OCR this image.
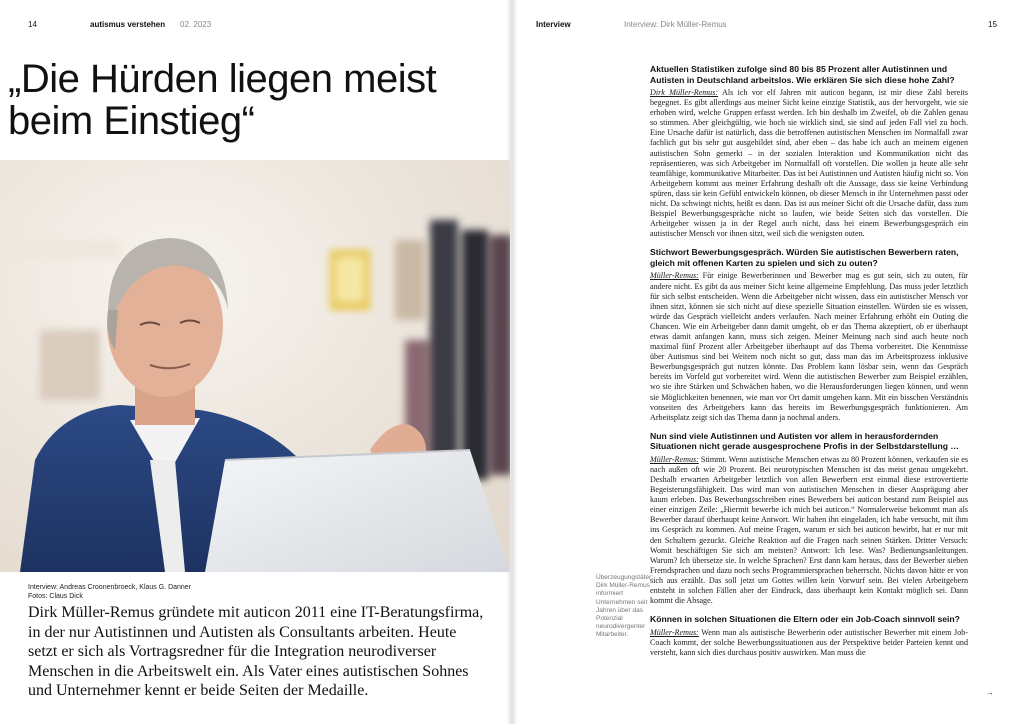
14	autismus verstehen 02. 2023
„Die Hürden liegen meist beim Einstieg“
Interview: Andreas Croonenbroeck, Klaus G. Danner
Fotos: Claus Dick
Dirk Müller-Remus gründete mit auticon 2011 eine IT-Beratungsfirma, in der nur Autistinnen und Autisten als Consultants arbeiten. Heute setzt er sich als Vortragsredner für die Integration neurodiverser Menschen in die Arbeitswelt ein. Als Vater eines autistischen Sohnes und Unternehmer kennt er beide Seiten der Medaille.
Interview	Interview: Dirk Müller-Remus	15
Überzeugungstäter: Dirk Müller-Remus informiert Unternehmen seit Jahren über das Potenzial neurodivergenter Mitarbeiter.

Aktuellen Statistiken zufolge sind 80 bis 85 Prozent aller Autistinnen und Autisten in Deutschland arbeitslos. Wie erklären Sie sich diese hohe Zahl?

Dirk Müller-Remus: Als ich vor elf Jahren mit auticon begann, ist mir diese Zahl bereits begegnet. Es gibt allerdings aus meiner Sicht keine einzige Statistik, aus der hervorgeht, wie sie erhoben wird, welche Gruppen erfasst werden. Ich bin deshalb im Zweifel, ob die Zahlen genau so stimmen. Aber gleichgültig, wie hoch sie wirklich sind, sie sind auf jeden Fall viel zu hoch. Eine Ursache dafür ist natürlich, dass die betroffenen autistischen Menschen im Normalfall zwar fachlich gut bis sehr gut ausgebildet sind, aber eben – das habe ich auch an meinem eigenen autistischen Sohn gemerkt – in der sozialen Interaktion und Kommunikation nicht das repräsentieren, was sich Arbeitgeber im Normalfall oft vorstellen. Die wollen ja heute alle sehr teamfähige, kommunikative Mitarbeiter. Das ist bei Autistinnen und Autisten häufig nicht so. Von Arbeitgebern kommt aus meiner Erfahrung deshalb oft die Aussage, dass sie keine Verbindung spüren, dass sie kein Gefühl entwickeln können, ob dieser Mensch in ihr Unternehmen passt oder nicht. Da schwingt nichts, heißt es dann. Das ist aus meiner Sicht oft die Ursache dafür, dass zum Beispiel Bewerbungsgespräche nicht so laufen, wie beide Seiten sich das vorstellen. Die Arbeitgeber wissen ja in der Regel auch nicht, dass bei einem Bewerbungsgespräch ein autistischer Mensch vor ihnen sitzt, weil sich die wenigsten outen.

Stichwort Bewerbungsgespräch. Würden Sie autistischen Bewerbern raten, gleich mit offenen Karten zu spielen und sich zu outen?

Müller-Remus: Für einige Bewerberinnen und Bewerber mag es gut sein, sich zu outen, für andere nicht. Es gibt da aus meiner Sicht keine allgemeine Empfehlung. Das muss jeder letztlich für sich selbst entscheiden. Wenn die Arbeitgeber nicht wissen, dass ein autistischer Mensch vor ihnen sitzt, können sie sich nicht auf diese spezielle Situation einstellen. Würden sie es wissen, würde das Gespräch vielleicht anders verlaufen. Nach meiner Erfahrung erhöht ein Outing die Chancen. Wie ein Arbeitgeber dann damit umgeht, ob er das Thema akzeptiert, ob er überhaupt etwas damit anfangen kann, muss sich zeigen. Meiner Meinung nach sind auch heute noch maximal fünf Prozent aller Arbeitgeber überhaupt auf das Thema vorbereitet. Die Kenntnisse über Autismus sind bei Weitem noch nicht so gut, dass man das im Arbeitsprozess inklusive Bewerbungsgespräch gut nutzen könnte. Das Problem kann lösbar sein, wenn das Gespräch bereits im Vorfeld gut vorbereitet wird. Wenn die autistischen Bewerber zum Beispiel erzählen, wo sie ihre Stärken und Schwächen haben, wo die Herausforderungen liegen können, und wenn sie Möglichkeiten benennen, wie man vor Ort damit umgehen kann. Mit ein bisschen Verständnis vonseiten des Arbeitgebers kann das bereits im Bewerbungsgespräch funktionieren. Am Arbeitsplatz zeigt sich das Thema dann ja nochmal anders.

Nun sind viele Autistinnen und Autisten vor allem in herausfordernden Situationen nicht gerade ausgesprochene Profis in der Selbstdarstellung …

Müller-Remus: Stimmt. Wenn autistische Menschen etwas zu 80 Prozent können, verkaufen sie es nach außen oft wie 20 Prozent. Bei neurotypischen Menschen ist das meist genau umgekehrt. Deshalb erwarten Arbeitgeber letztlich von allen Bewerbern erst einmal diese extrovertierte Begeisterungsfähigkeit. Das wird man von autistischen Menschen in dieser Ausprägung aber kaum erleben. Das Bewerbungsschreiben eines Bewerbers bei auticon bestand zum Beispiel aus einer einzigen Zeile: „Hiermit bewerbe ich mich bei auticon.“ Normalerweise bekommt man als Bewerber darauf überhaupt keine Antwort. Wir haben ihn eingeladen, ich habe versucht, mit ihm ins Gespräch zu kommen. Auf meine Fragen, warum er sich bei auticon bewirbt, hat er nur mit den Schultern gezuckt. Gleiche Reaktion auf die Fragen nach seinen Stärken. Dritter Versuch: Womit beschäftigen Sie sich am meisten? Antwort: Ich lese. Was? Bedienungsanleitungen. Warum? Ich übersetze sie. In welche Sprachen? Erst dann kam heraus, dass der Bewerber sieben Fremdsprachen und dazu noch sechs Programmiersprachen beherrscht. Nichts davon hätte er von sich aus erzählt. Das soll jetzt um Gottes willen kein Vorwurf sein. Bei vielen Arbeitgebern entsteht in solchen Fällen aber der Eindruck, dass überhaupt kein Kontakt möglich sei. Dann kommt die Absage.

Können in solchen Situationen die Eltern oder ein Job-Coach sinnvoll sein?

Müller-Remus: Wenn man als autistische Bewerberin oder autistischer Bewerber mit einem Job-Coach kommt, der solche Bewerbungssituationen aus der Perspektive beider Parteien kennt und versteht, kann sich dies durchaus positiv auswirken. Man muss die

→
